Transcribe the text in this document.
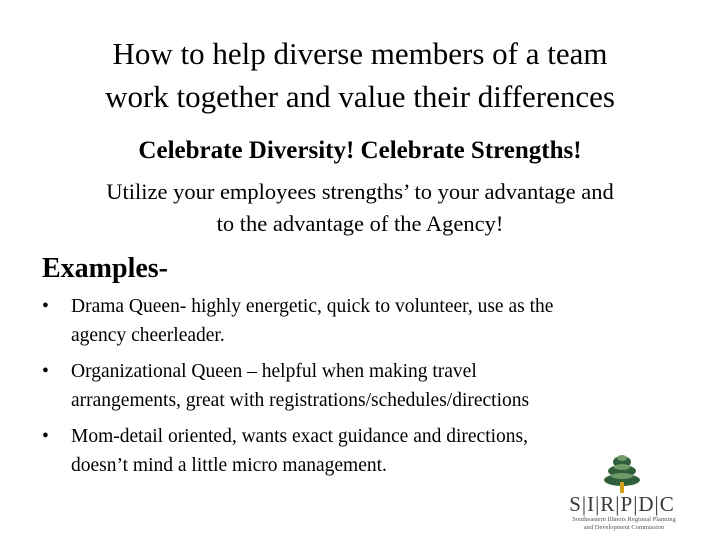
How to help diverse members of a team
work together and value their differences
Celebrate Diversity! Celebrate Strengths!
Utilize your employees strengths’ to your advantage and
to the advantage of the Agency!
Examples-
•	Drama Queen- highly energetic, quick to volunteer, use as the
agency cheerleader.
•	Organizational Queen – helpful when making travel
arrangements, great with registrations/schedules/directions
•	Mom-detail oriented, wants exact guidance and directions,
doesn’t mind a little micro management.
S|I|R|P|D|C
Southeastern Illinois Regional Planning
and Development Commission
